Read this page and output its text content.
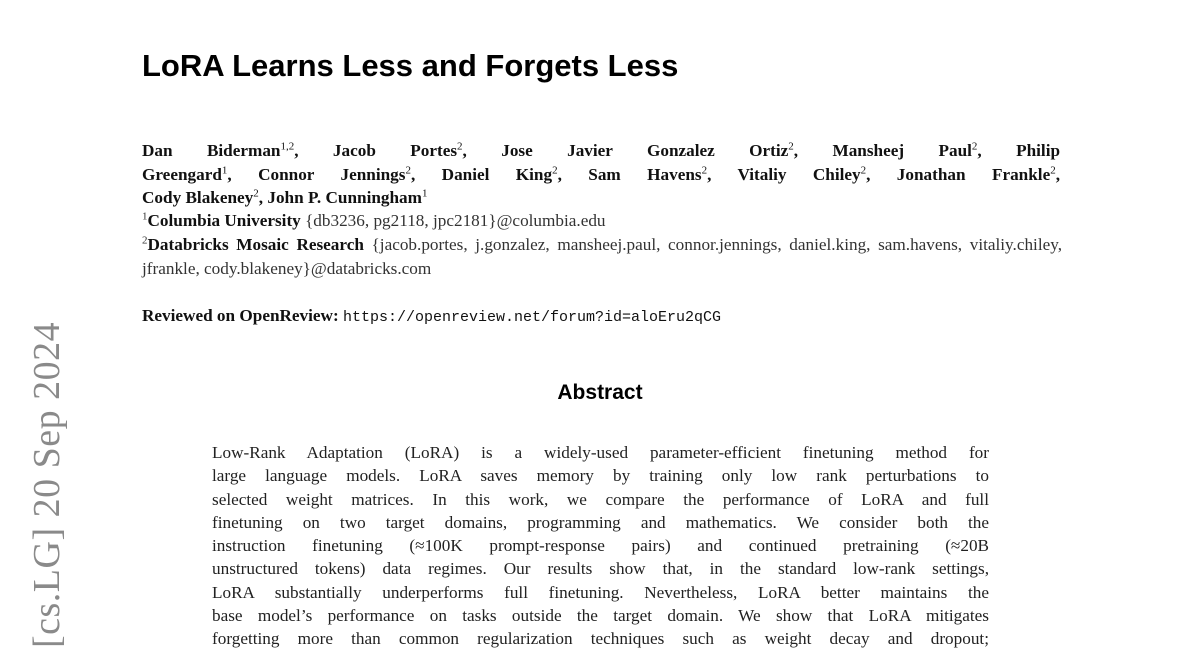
[cs.LG] 20 Sep 2024
LoRA Learns Less and Forgets Less
Dan Biderman$^{1,2}$, Jacob Portes$^2$, Jose Javier Gonzalez Ortiz$^2$, Mansheej Paul$^2$, Philip
Greengard$^1$, Connor Jennings$^2$, Daniel King$^2$, Sam Havens$^2$, Vitaliy Chiley$^2$, Jonathan Frankle$^2$,
Cody Blakeney$^2$, John P. Cunningham$^1$
$^1$Columbia University {db3236, pg2118, jpc2181}@columbia.edu
$^2$Databricks Mosaic Research {jacob.portes, j.gonzalez, mansheej.paul, connor.jennings, daniel.king, sam.havens, vitaliy.chiley, jfrankle, cody.blakeney}@databricks.com
Reviewed on OpenReview: https://openreview.net/forum?id=aloEru2qCG
Abstract
Low-Rank Adaptation (LoRA) is a widely-used parameter-efficient finetuning method for
large language models. LoRA saves memory by training only low rank perturbations to
selected weight matrices. In this work, we compare the performance of LoRA and full
finetuning on two target domains, programming and mathematics. We consider both the
instruction finetuning (≈100K prompt-response pairs) and continued pretraining (≈20B
unstructured tokens) data regimes. Our results show that, in the standard low-rank settings,
LoRA substantially underperforms full finetuning. Nevertheless, LoRA better maintains the
base model’s performance on tasks outside the target domain. We show that LoRA mitigates
forgetting more than common regularization techniques such as weight decay and dropout;
